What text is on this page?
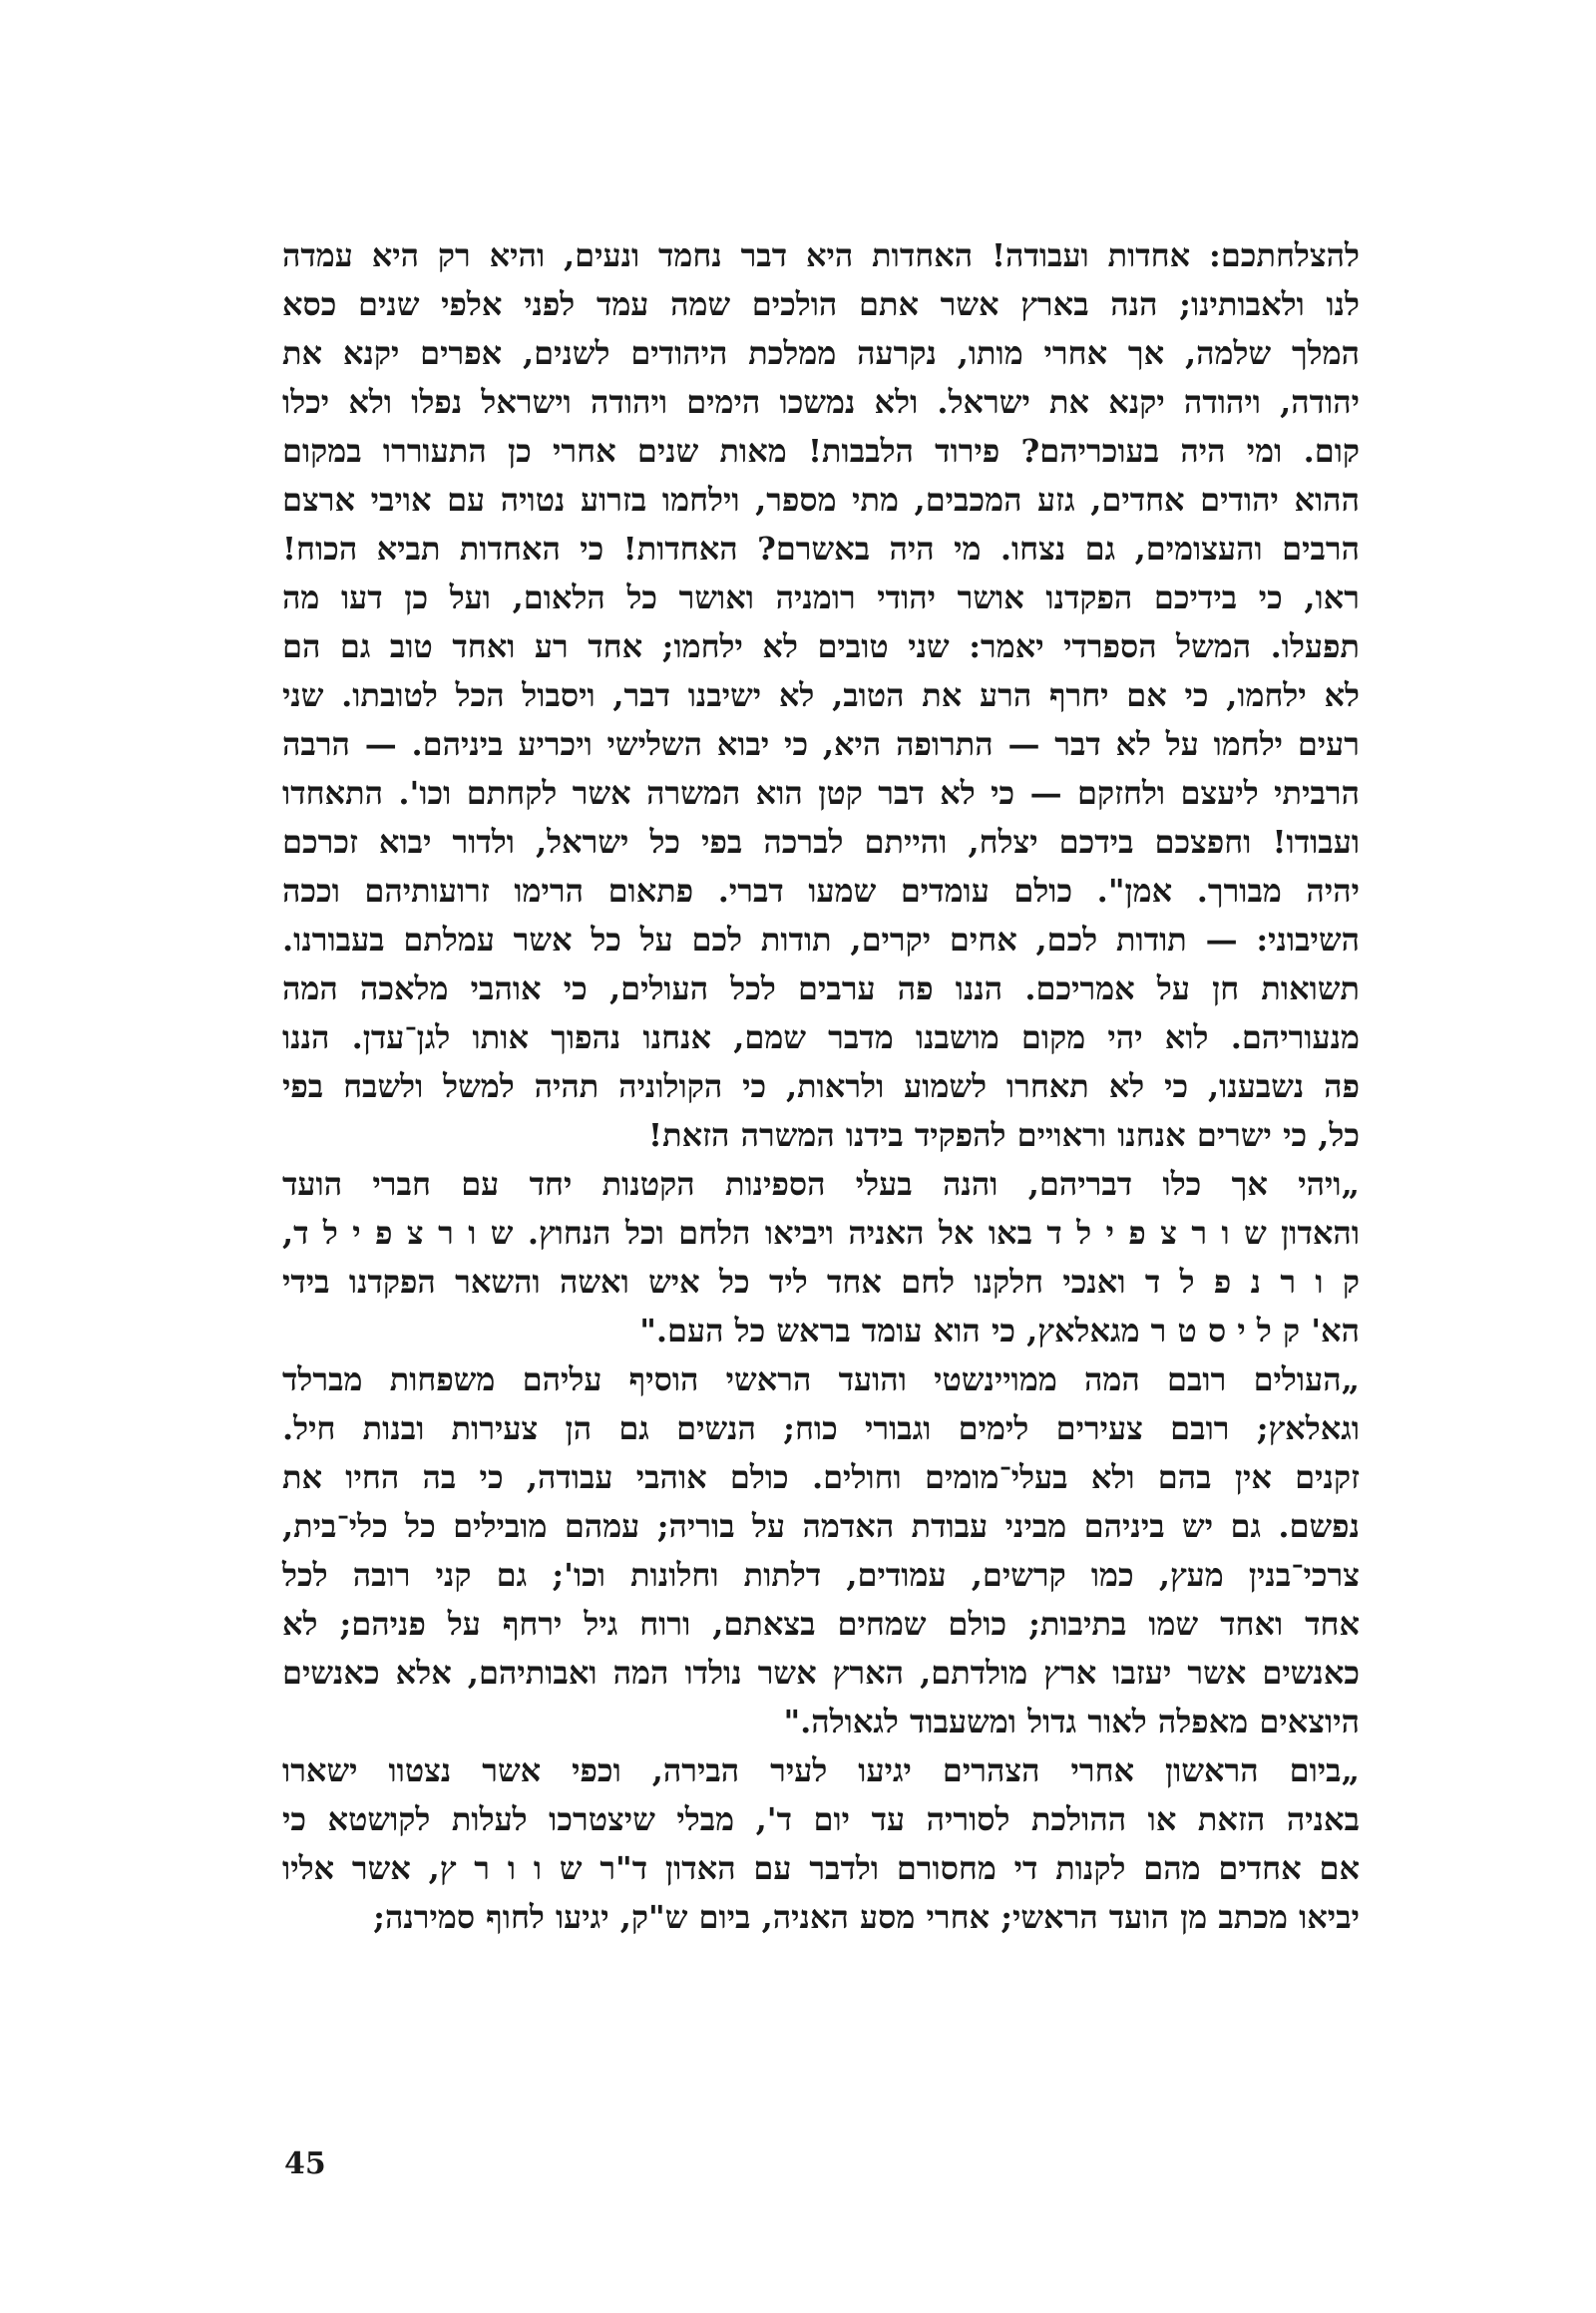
להצלחתכם: אחדות ועבודה! האחדות היא דבר נחמד ונעים, והיא רק היא עמדה
לנו ולאבותינו; הנה בארץ אשר אתם הולכים שמה עמד לפני אלפי שנים כסא
המלך שלמה, אך אחרי מותו, נקרעה ממלכת היהודים לשנים, אפרים יקנא את
יהודה, ויהודה יקנא את ישראל. ולא נמשכו הימים ויהודה וישראל נפלו ולא יכלו
קום. ומי היה בעוכריהם? פירוד הלבבות! מאות שנים אחרי כן התעוררו במקום
ההוא יהודים אחדים, גזע המכבים, מתי מספר, וילחמו בזרוע נטויה עם אויבי ארצם
הרבים והעצומים, גם נצחו. מי היה באשרם? האחדות! כי האחדות תביא הכוח!
ראו, כי בידיכם הפקדנו אושר יהודי רומניה ואושר כל הלאום, ועל כן דעו מה
תפעלו. המשל הספרדי יאמר: שני טובים לא ילחמו; אחד רע ואחד טוב גם הם
לא ילחמו, כי אם יחרף הרע את הטוב, לא ישיבנו דבר, ויסבול הכל לטובתו. שני
רעים ילחמו על לא דבר — התרופה היא, כי יבוא השלישי ויכריע ביניהם. — הרבה
הרביתי ליעצם ולחזקם — כי לא דבר קטן הוא המשרה אשר לקחתם וכו'. התאחדו
ועבודו! וחפצכם בידכם יצלח, והייתם לברכה בפי כל ישראל, ולדור יבוא זכרכם
יהיה מבורך. אמן". כולם עומדים שמעו דברי. פתאום הרימו זרועותיהם וככה
השיבוני: — תודות לכם, אחים יקרים, תודות לכם על כל אשר עמלתם בעבורנו.
תשואות חן על אמריכם. הננו פה ערבים לכל העולים, כי אוהבי מלאכה המה
מנעוריהם. לוא יהי מקום מושבנו מדבר שמם, אנחנו נהפוך אותו לגן־עדן. הננו
פה נשבענו, כי לא תאחרו לשמוע ולראות, כי הקולוניה תהיה למשל ולשבח בפי
כל, כי ישרים אנחנו וראויים להפקיד בידנו המשרה הזאת!
„ויהי אך כלו דבריהם, והנה בעלי הספינות הקטנות יחד עם חברי הועד
והאדון ש ו ר צ פ י ל ד באו אל האניה ויביאו הלחם וכל הנחוץ. ש ו ר צ פ י ל ד,
ק ו ר נ פ ל ד ואנכי חלקנו לחם אחד ליד כל איש ואשה והשאר הפקדנו בידי
הא' ק ל י ס ט ר מגאלאץ, כי הוא עומד בראש כל העם."
„העולים רובם המה ממויינשטי והועד הראשי הוסיף עליהם משפחות מברלד
וגאלאץ; רובם צעירים לימים וגבורי כוח; הנשים גם הן צעירות ובנות חיל.
זקנים אין בהם ולא בעלי־מומים וחולים. כולם אוהבי עבודה, כי בה החיו את
נפשם. גם יש ביניהם מביני עבודת האדמה על בוריה; עמהם מובילים כל כלי־בית,
צרכי־בנין מעץ, כמו קרשים, עמודים, דלתות וחלונות וכו'; גם קני רובה לכל
אחד ואחד שמו בתיבות; כולם שמחים בצאתם, ורוח גיל ירחף על פניהם; לא
כאנשים אשר יעזבו ארץ מולדתם, הארץ אשר נולדו המה ואבותיהם, אלא כאנשים
היוצאים מאפלה לאור גדול ומשעבוד לגאולה."
„ביום הראשון אחרי הצהרים יגיעו לעיר הבירה, וכפי אשר נצטוו ישארו
באניה הזאת או ההולכת לסוריה עד יום ד', מבלי שיצטרכו לעלות לקושטא כי
אם אחדים מהם לקנות די מחסורם ולדבר עם האדון ד"ר ש ו ו ר ץ, אשר אליו
יביאו מכתב מן הועד הראשי; אחרי מסע האניה, ביום ש"ק, יגיעו לחוף סמירנה;
45
